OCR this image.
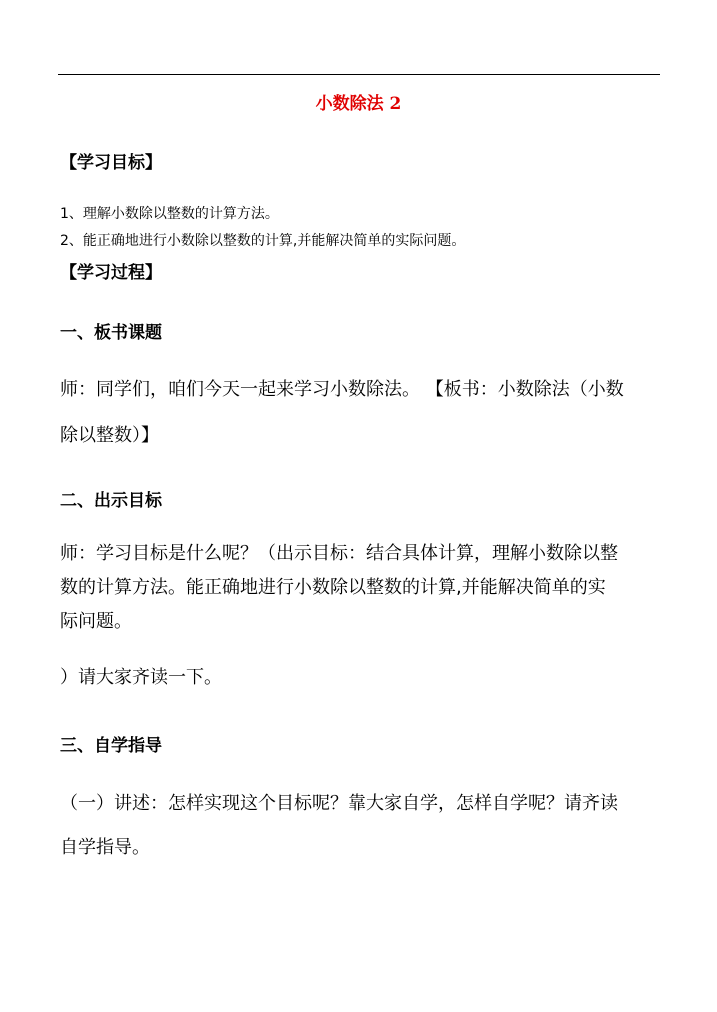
小数除法 2
【学习目标】
1、理解小数除以整数的计算方法。
2、能正确地进行小数除以整数的计算,并能解决简单的实际问题。
【学习过程】
一、板书课题
师：同学们，咱们今天一起来学习小数除法。 【板书：小数除法（小数
除以整数）】
二、出示目标
师：学习目标是什么呢？（出示目标：结合具体计算，理解小数除以整
数的计算方法。能正确地进行小数除以整数的计算,并能解决简单的实
际问题。
）请大家齐读一下。
三、自学指导
（一）讲述：怎样实现这个目标呢？靠大家自学，怎样自学呢？请齐读
自学指导。
